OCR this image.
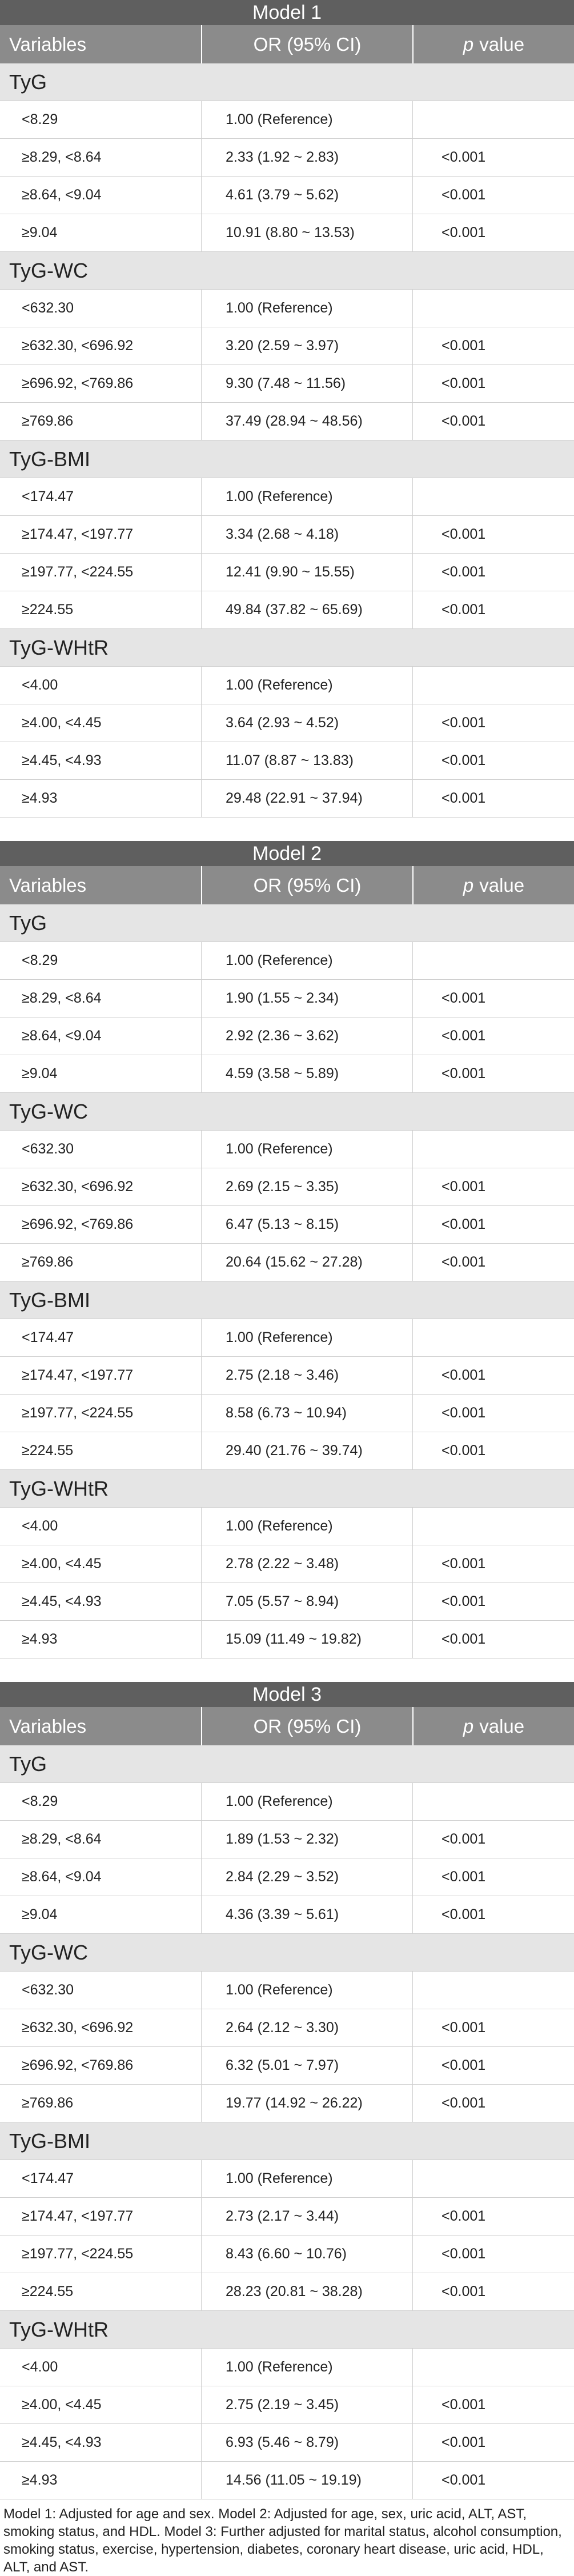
Model 1
Variables	OR (95% CI)	p value
TyG
<8.29	1.00 (Reference)
≥8.29, <8.64	2.33 (1.92 ~ 2.83)	<0.001
≥8.64, <9.04	4.61 (3.79 ~ 5.62)	<0.001
≥9.04	10.91 (8.80 ~ 13.53)	<0.001
TyG-WC
<632.30	1.00 (Reference)
≥632.30, <696.92	3.20 (2.59 ~ 3.97)	<0.001
≥696.92, <769.86	9.30 (7.48 ~ 11.56)	<0.001
≥769.86	37.49 (28.94 ~ 48.56)	<0.001
TyG-BMI
<174.47	1.00 (Reference)
≥174.47, <197.77	3.34 (2.68 ~ 4.18)	<0.001
≥197.77, <224.55	12.41 (9.90 ~ 15.55)	<0.001
≥224.55	49.84 (37.82 ~ 65.69)	<0.001
TyG-WHtR
<4.00	1.00 (Reference)
≥4.00, <4.45	3.64 (2.93 ~ 4.52)	<0.001
≥4.45, <4.93	11.07 (8.87 ~ 13.83)	<0.001
≥4.93	29.48 (22.91 ~ 37.94)	<0.001
Model 2
Variables	OR (95% CI)	p value
TyG
<8.29	1.00 (Reference)
≥8.29, <8.64	1.90 (1.55 ~ 2.34)	<0.001
≥8.64, <9.04	2.92 (2.36 ~ 3.62)	<0.001
≥9.04	4.59 (3.58 ~ 5.89)	<0.001
TyG-WC
<632.30	1.00 (Reference)
≥632.30, <696.92	2.69 (2.15 ~ 3.35)	<0.001
≥696.92, <769.86	6.47 (5.13 ~ 8.15)	<0.001
≥769.86	20.64 (15.62 ~ 27.28)	<0.001
TyG-BMI
<174.47	1.00 (Reference)
≥174.47, <197.77	2.75 (2.18 ~ 3.46)	<0.001
≥197.77, <224.55	8.58 (6.73 ~ 10.94)	<0.001
≥224.55	29.40 (21.76 ~ 39.74)	<0.001
TyG-WHtR
<4.00	1.00 (Reference)
≥4.00, <4.45	2.78 (2.22 ~ 3.48)	<0.001
≥4.45, <4.93	7.05 (5.57 ~ 8.94)	<0.001
≥4.93	15.09 (11.49 ~ 19.82)	<0.001
Model 3
Variables	OR (95% CI)	p value
TyG
<8.29	1.00 (Reference)
≥8.29, <8.64	1.89 (1.53 ~ 2.32)	<0.001
≥8.64, <9.04	2.84 (2.29 ~ 3.52)	<0.001
≥9.04	4.36 (3.39 ~ 5.61)	<0.001
TyG-WC
<632.30	1.00 (Reference)
≥632.30, <696.92	2.64 (2.12 ~ 3.30)	<0.001
≥696.92, <769.86	6.32 (5.01 ~ 7.97)	<0.001
≥769.86	19.77 (14.92 ~ 26.22)	<0.001
TyG-BMI
<174.47	1.00 (Reference)
≥174.47, <197.77	2.73 (2.17 ~ 3.44)	<0.001
≥197.77, <224.55	8.43 (6.60 ~ 10.76)	<0.001
≥224.55	28.23 (20.81 ~ 38.28)	<0.001
TyG-WHtR
<4.00	1.00 (Reference)
≥4.00, <4.45	2.75 (2.19 ~ 3.45)	<0.001
≥4.45, <4.93	6.93 (5.46 ~ 8.79)	<0.001
≥4.93	14.56 (11.05 ~ 19.19)	<0.001
Model 1: Adjusted for age and sex. Model 2: Adjusted for age, sex, uric acid, ALT, AST, smoking status, and HDL. Model 3: Further adjusted for marital status, alcohol consumption, smoking status, exercise, hypertension, diabetes, coronary heart disease, uric acid, HDL, ALT, and AST.
